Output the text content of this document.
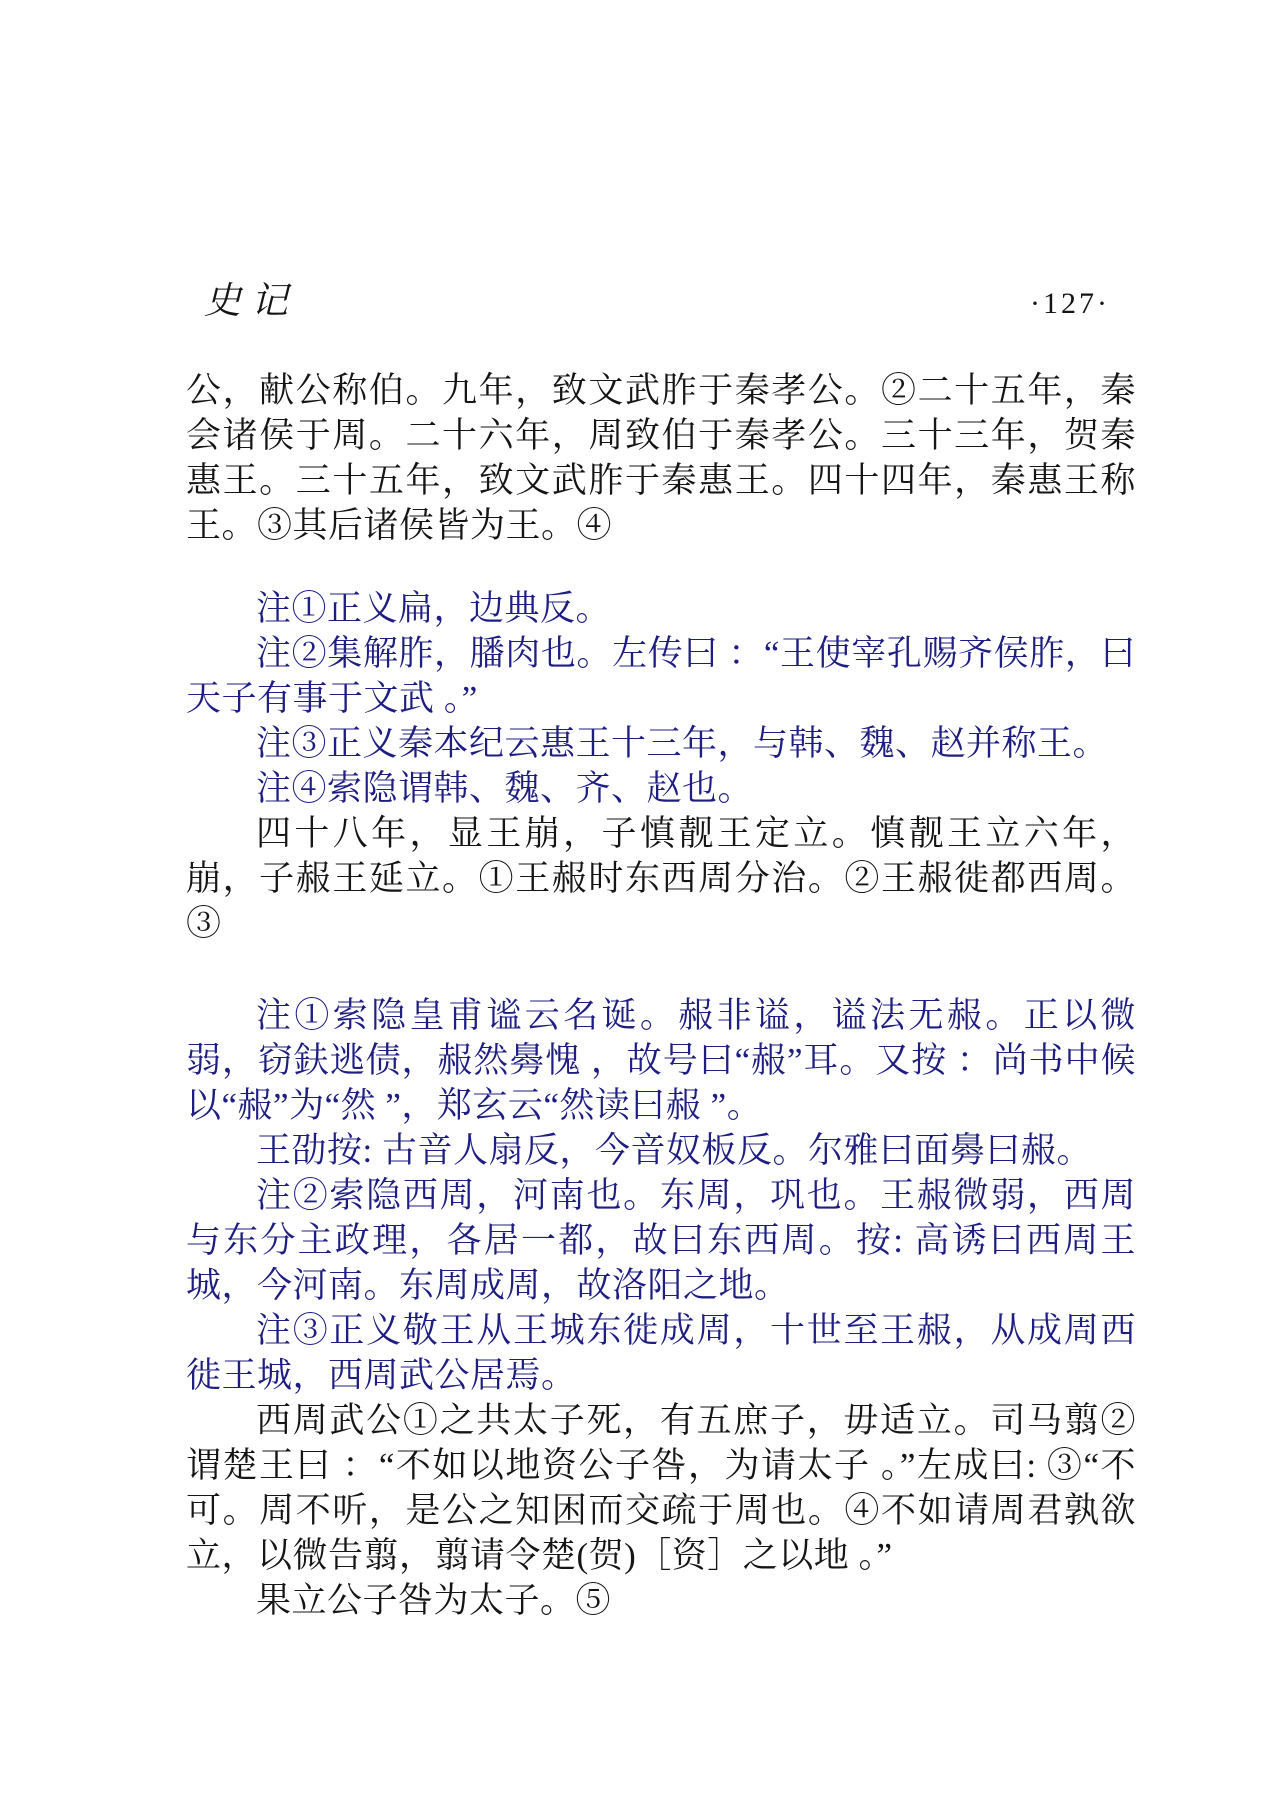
史记	·127·

公，献公称伯。九年，致文武胙于秦孝公。②二十五年，秦会诸侯于周。二十六年，周致伯于秦孝公。三十三年，贺秦惠王。三十五年，致文武胙于秦惠王。四十四年，秦惠王称王。③其后诸侯皆为王。④

注①正义扁，边典反。

注②集解胙，膰肉也。左传曰 ：“王使宰孔赐齐侯胙，曰天子有事于文武 。”

注③正义秦本纪云惠王十三年，与韩、魏、赵并称王。

注④索隐谓韩、魏、齐、赵也。

四十八年，显王崩，子慎靓王定立。慎靓王立六年，崩，子赧王延立。①王赧时东西周分治。②王赧徙都西周。③

注①索隐皇甫谧云名诞。赧非谥，谥法无赧。正以微弱，窃鈇逃债，赧然臱愧 ，故号曰“赧”耳。又按 ：尚书中候以“赧”为“然 ”，郑玄云“然读曰赧 ”。

王劭按: 古音人扇反，今音奴板反。尔雅曰面臱曰赧。

注②索隐西周，河南也。东周，巩也。王赧微弱，西周与东分主政理，各居一都，故曰东西周。按: 高诱曰西周王城，今河南。东周成周，故洛阳之地。

注③正义敬王从王城东徙成周，十世至王赧，从成周西徙王城，西周武公居焉。

西周武公①之共太子死，有五庶子，毋适立。司马翦②谓楚王曰 ：“不如以地资公子咎，为请太子 。”左成曰: ③“不可。周不听，是公之知困而交疏于周也。④不如请周君孰欲立，以微告翦，翦请令楚(贺)［资］之以地 。”

果立公子咎为太子。⑤
